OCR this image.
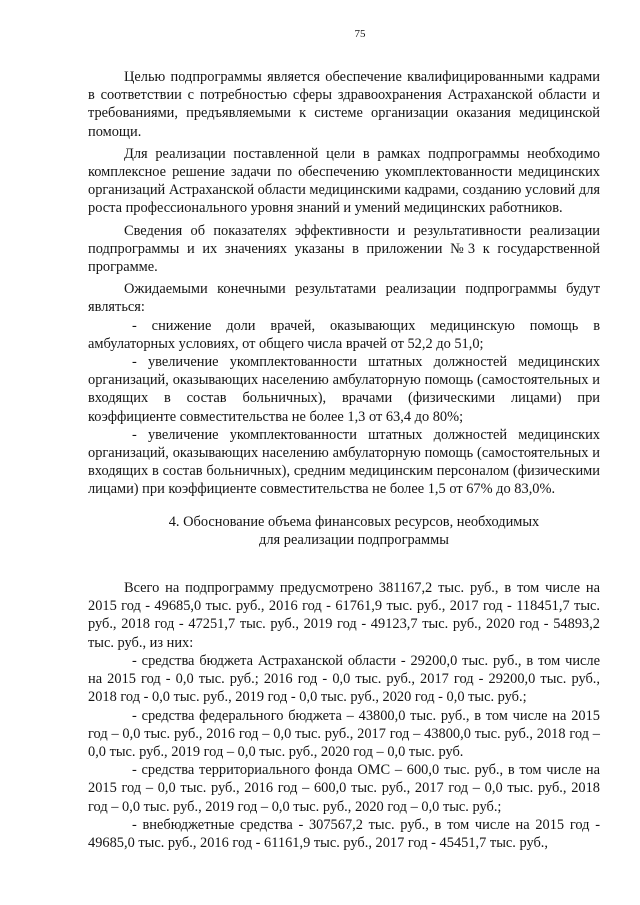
75

Целью подпрограммы является обеспечение квалифицированными кадрами в соответствии с потребностью сферы здравоохранения Астраханской области и требованиями, предъявляемыми к системе организации оказания медицинской помощи.

Для реализации поставленной цели в рамках подпрограммы необходимо комплексное решение задачи по обеспечению укомплектованности медицинских организаций Астраханской области медицинскими кадрами, созданию условий для роста профессионального уровня знаний и умений медицинских работников.

Сведения об показателях эффективности и результативности реализации подпрограммы и их значениях указаны в приложении №3 к государственной программе.

Ожидаемыми конечными результатами реализации подпрограммы будут являться:

- снижение доли врачей, оказывающих медицинскую помощь в амбулаторных условиях, от общего числа врачей от 52,2 до 51,0;

- увеличение укомплектованности штатных должностей медицинских организаций, оказывающих населению амбулаторную помощь (самостоятельных и входящих в состав больничных), врачами (физическими лицами) при коэффициенте совместительства не более 1,3 от 63,4 до 80%;

- увеличение укомплектованности штатных должностей медицинских организаций, оказывающих населению амбулаторную помощь (самостоятельных и входящих в состав больничных), средним медицинским персоналом (физическими лицами) при коэффициенте совместительства не более 1,5 от 67% до 83,0%.

4. Обоснование объема финансовых ресурсов, необходимых
для реализации подпрограммы

Всего на подпрограмму предусмотрено 381167,2 тыс. руб., в том числе на 2015 год - 49685,0 тыс. руб., 2016 год - 61761,9 тыс. руб., 2017 год - 118451,7 тыс. руб., 2018 год - 47251,7 тыс. руб., 2019 год - 49123,7 тыс. руб., 2020 год - 54893,2 тыс. руб., из них:

- средства бюджета Астраханской области - 29200,0 тыс. руб., в том числе на 2015 год - 0,0 тыс. руб.; 2016 год - 0,0 тыс. руб., 2017 год - 29200,0 тыс. руб., 2018 год - 0,0 тыс. руб., 2019 год - 0,0 тыс. руб., 2020 год - 0,0 тыс. руб.;

- средства федерального бюджета – 43800,0 тыс. руб., в том числе на 2015 год – 0,0 тыс. руб., 2016 год – 0,0 тыс. руб., 2017 год – 43800,0 тыс. руб., 2018 год – 0,0 тыс. руб., 2019 год – 0,0 тыс. руб., 2020 год – 0,0 тыс. руб.

- средства территориального фонда ОМС – 600,0 тыс. руб., в том числе на 2015 год – 0,0 тыс. руб., 2016 год – 600,0 тыс. руб., 2017 год – 0,0 тыс. руб., 2018 год – 0,0 тыс. руб., 2019 год – 0,0 тыс. руб., 2020 год – 0,0 тыс. руб.;

- внебюджетные средства - 307567,2 тыс. руб., в том числе на 2015 год - 49685,0 тыс. руб., 2016 год - 61161,9 тыс. руб., 2017 год - 45451,7 тыс. руб.,
